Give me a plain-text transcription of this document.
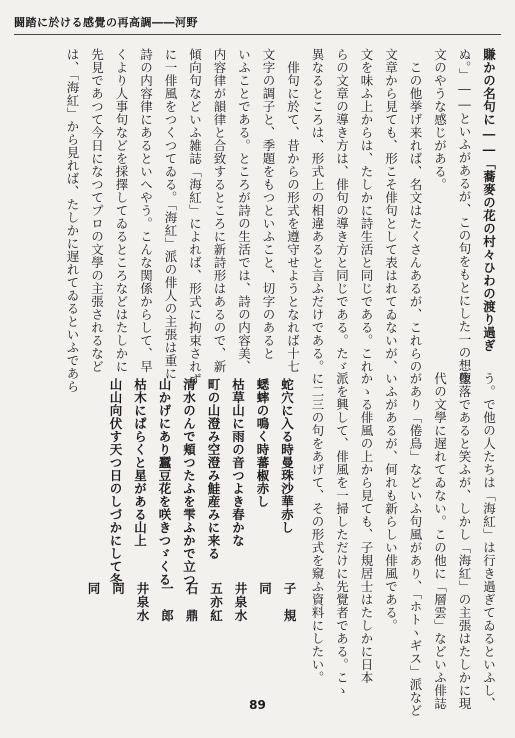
闘踏に於ける感覺の再高調――河野
賺かの名句に――「蕎麥の花の村々ひわの渡り過ぎ
ぬ。」――といふがあるが、この句をもとにした一の想像
文のやうな感じがある。
　この他挙げ来れば、名文はたくさんあるが、これらの
文章から見ても、形こそ俳句として表はれてゐないが、
文を味ふ上からは、たしかに詩生活と同じである。これ
らの文章の導き方は、俳句の導き方と同じである。たゞ
異なるところは、形式上の相違あると言ふだけである。
　俳句に於て、昔からの形式を遵守せようとなれば十七
文字の調子と、季題をもつといふこと、切字のあると
いふことである。ところが詩の生活では、詩の内容美、
内容律が韻律と合致するところに新詩形はあるので、新
傾向句などいふ雑誌「海紅」によれば、形式に拘束されず
に一俳風をつくつてゐる。「海紅」派の俳人の主張は重に
詩の内容律にあるといへやう。こんな関係からして、早
くより人事句などを採擇してゐるところなどはたしかに
先見であつて今日になつてプロの文學の主張されるなど
は、「海紅」から見れば、たしかに遅れてゐるといふであら
う。で他の人たちは「海紅」は行き過ぎてゐるといふし、
堕落であると笑ふが、しかし「海紅」の主張はたしかに現
代の文學に遅れてゐない。この他に「層雲」などいふ俳誌
があり「倦鳥」などいふ句風があり、「ホトヽギス」派など
いふがあるが、何れも新らしい俳風である。
かゝる俳風の上から見ても、子規居士はたしかに日本
派を興して、俳風を一掃しただけに先覺者である。こゝ
に二三の句をあげて、その形式を窺ふ資料にしたい。
蛇穴に入る時曼珠沙華赤し
子　規
蟋蟀の鳴く時蕃椒赤し
同
枯草山に雨の音つよき春かな
井泉水
町の山澄み空澄み鮭産みに来る
五亦紅
清水のんで頬つたふを雫ふかで立つ
石　鼎
山かげにあり蠶豆花を咲きつゞくる
一　郎
枯木にぱらくと星がある山上
井泉水
山山向伏す天つ日のしづかにして冬
同
同
89
